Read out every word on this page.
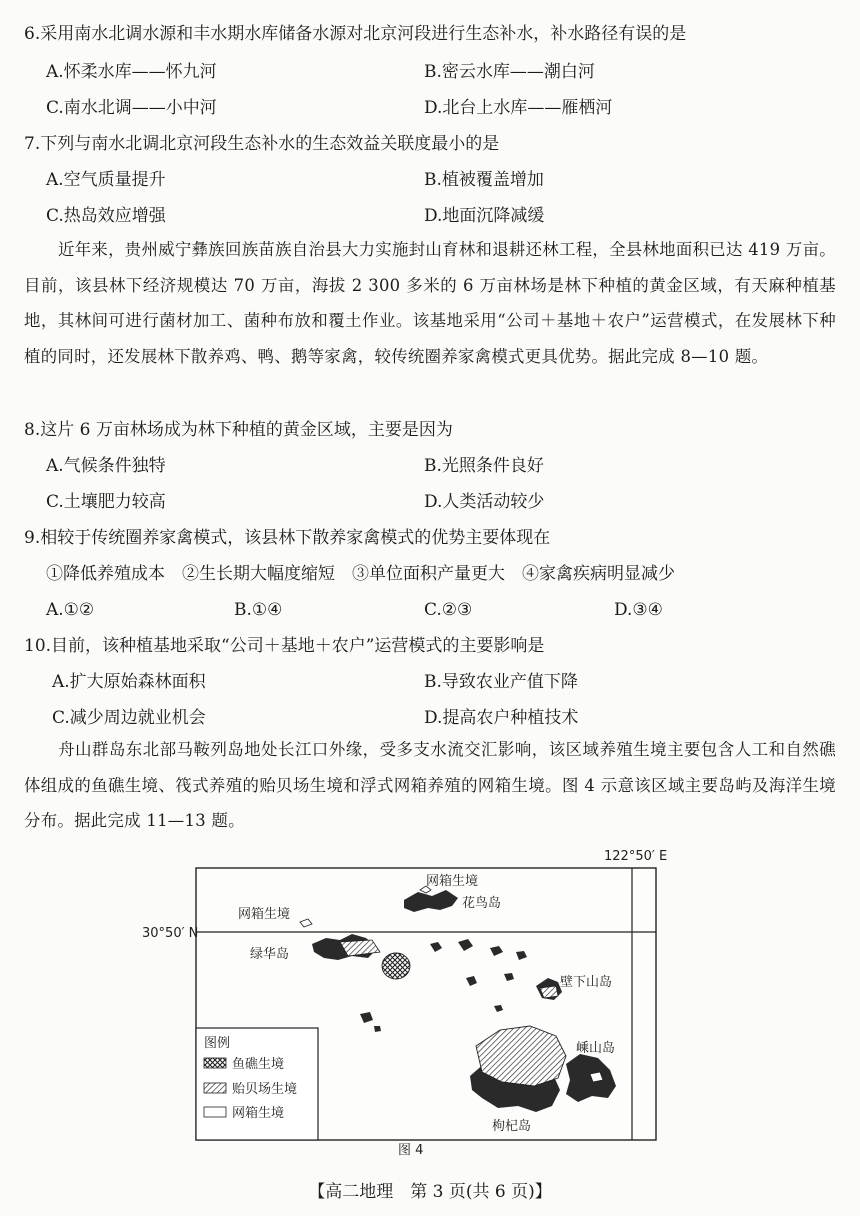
6.采用南水北调水源和丰水期水库储备水源对北京河段进行生态补水，补水路径有误的是
A.怀柔水库——怀九河	B.密云水库——潮白河
C.南水北调——小中河	D.北台上水库——雁栖河
7.下列与南水北调北京河段生态补水的生态效益关联度最小的是
A.空气质量提升	B.植被覆盖增加
C.热岛效应增强	D.地面沉降减缓
近年来，贵州威宁彝族回族苗族自治县大力实施封山育林和退耕还林工程，全县林地面积已达 419 万亩。目前，该县林下经济规模达 70 万亩，海拔 2 300 多米的 6 万亩林场是林下种植的黄金区域，有天麻种植基地，其林间可进行菌材加工、菌种布放和覆土作业。该基地采用“公司＋基地＋农户”运营模式，在发展林下种植的同时，还发展林下散养鸡、鸭、鹅等家禽，较传统圈养家禽模式更具优势。据此完成 8—10 题。
8.这片 6 万亩林场成为林下种植的黄金区域，主要是因为
A.气候条件独特	B.光照条件良好
C.土壤肥力较高	D.人类活动较少
9.相较于传统圈养家禽模式，该县林下散养家禽模式的优势主要体现在
①降低养殖成本　②生长期大幅度缩短　③单位面积产量更大　④家禽疾病明显减少
A.①②	B.①④	C.②③	D.③④
10.目前，该种植基地采取“公司＋基地＋农户”运营模式的主要影响是
A.扩大原始森林面积	B.导致农业产值下降
C.减少周边就业机会	D.提高农户种植技术
舟山群岛东北部马鞍列岛地处长江口外缘，受多支水流交汇影响，该区域养殖生境主要包含人工和自然礁体组成的鱼礁生境、筏式养殖的贻贝场生境和浮式网箱养殖的网箱生境。图 4 示意该区域主要岛屿及海洋生境分布。据此完成 11—13 题。
122°50′ E
30°50′ N
网箱生境
花鸟岛
网箱生境
绿华岛
壁下山岛
枸杞岛
嵊山岛
图例
鱼礁生境
贻贝场生境
网箱生境
图 4
【高二地理　第 3 页(共 6 页)】
